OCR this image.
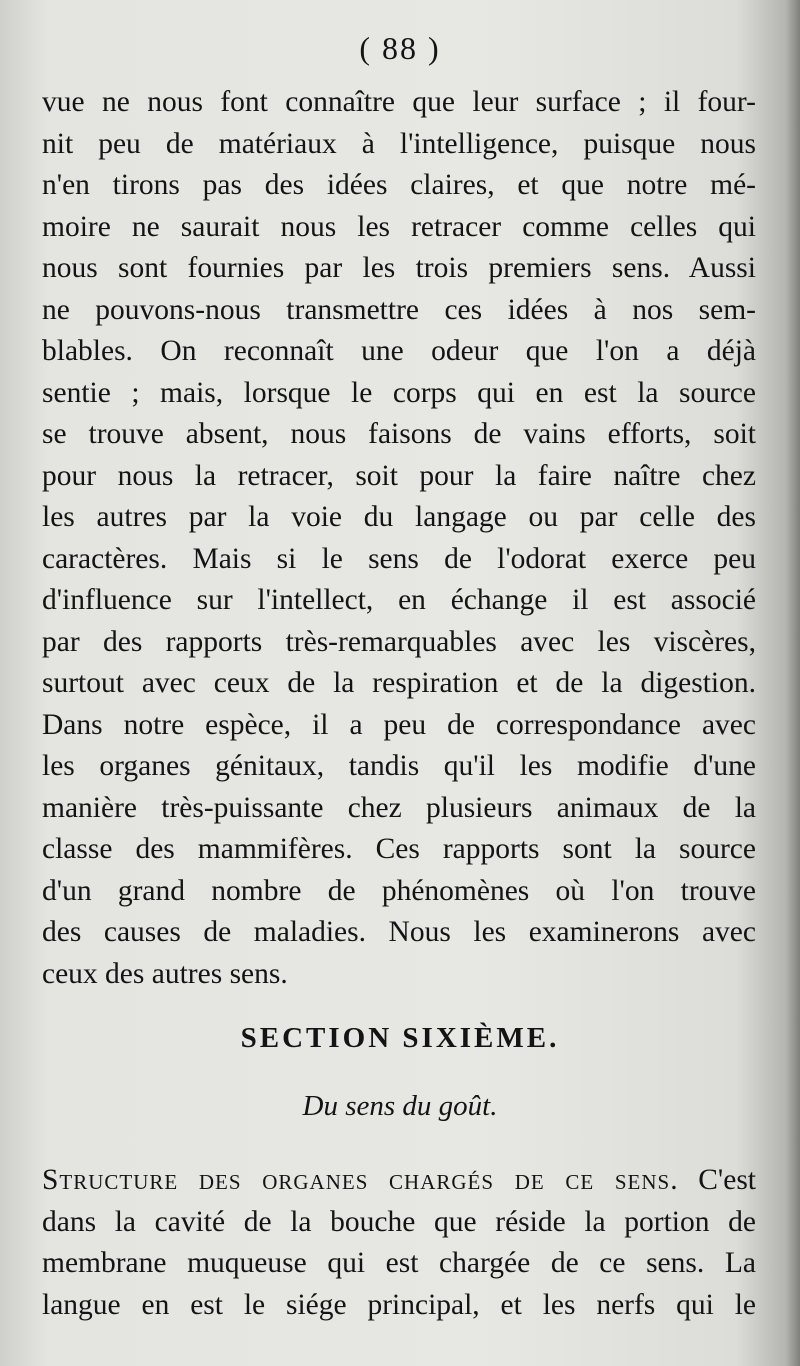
( 88 )
vue ne nous font connaître que leur surface ; il four-
nit peu de matériaux à l'intelligence, puisque nous
n'en tirons pas des idées claires, et que notre mé-
moire ne saurait nous les retracer comme celles qui
nous sont fournies par les trois premiers sens. Aussi
ne pouvons-nous transmettre ces idées à nos sem-
blables. On reconnaît une odeur que l'on a déjà
sentie ; mais, lorsque le corps qui en est la source
se trouve absent, nous faisons de vains efforts, soit
pour nous la retracer, soit pour la faire naître chez
les autres par la voie du langage ou par celle des
caractères. Mais si le sens de l'odorat exerce peu
d'influence sur l'intellect, en échange il est associé
par des rapports très-remarquables avec les viscères,
surtout avec ceux de la respiration et de la digestion.
Dans notre espèce, il a peu de correspondance avec
les organes génitaux, tandis qu'il les modifie d'une
manière très-puissante chez plusieurs animaux de la
classe des mammifères. Ces rapports sont la source
d'un grand nombre de phénomènes où l'on trouve
des causes de maladies. Nous les examinerons avec
ceux des autres sens.
SECTION SIXIÈME.
Du sens du goût.
Structure des organes chargés de ce sens. C'est
dans la cavité de la bouche que réside la portion de
membrane muqueuse qui est chargée de ce sens. La
langue en est le siége principal, et les nerfs qui le
